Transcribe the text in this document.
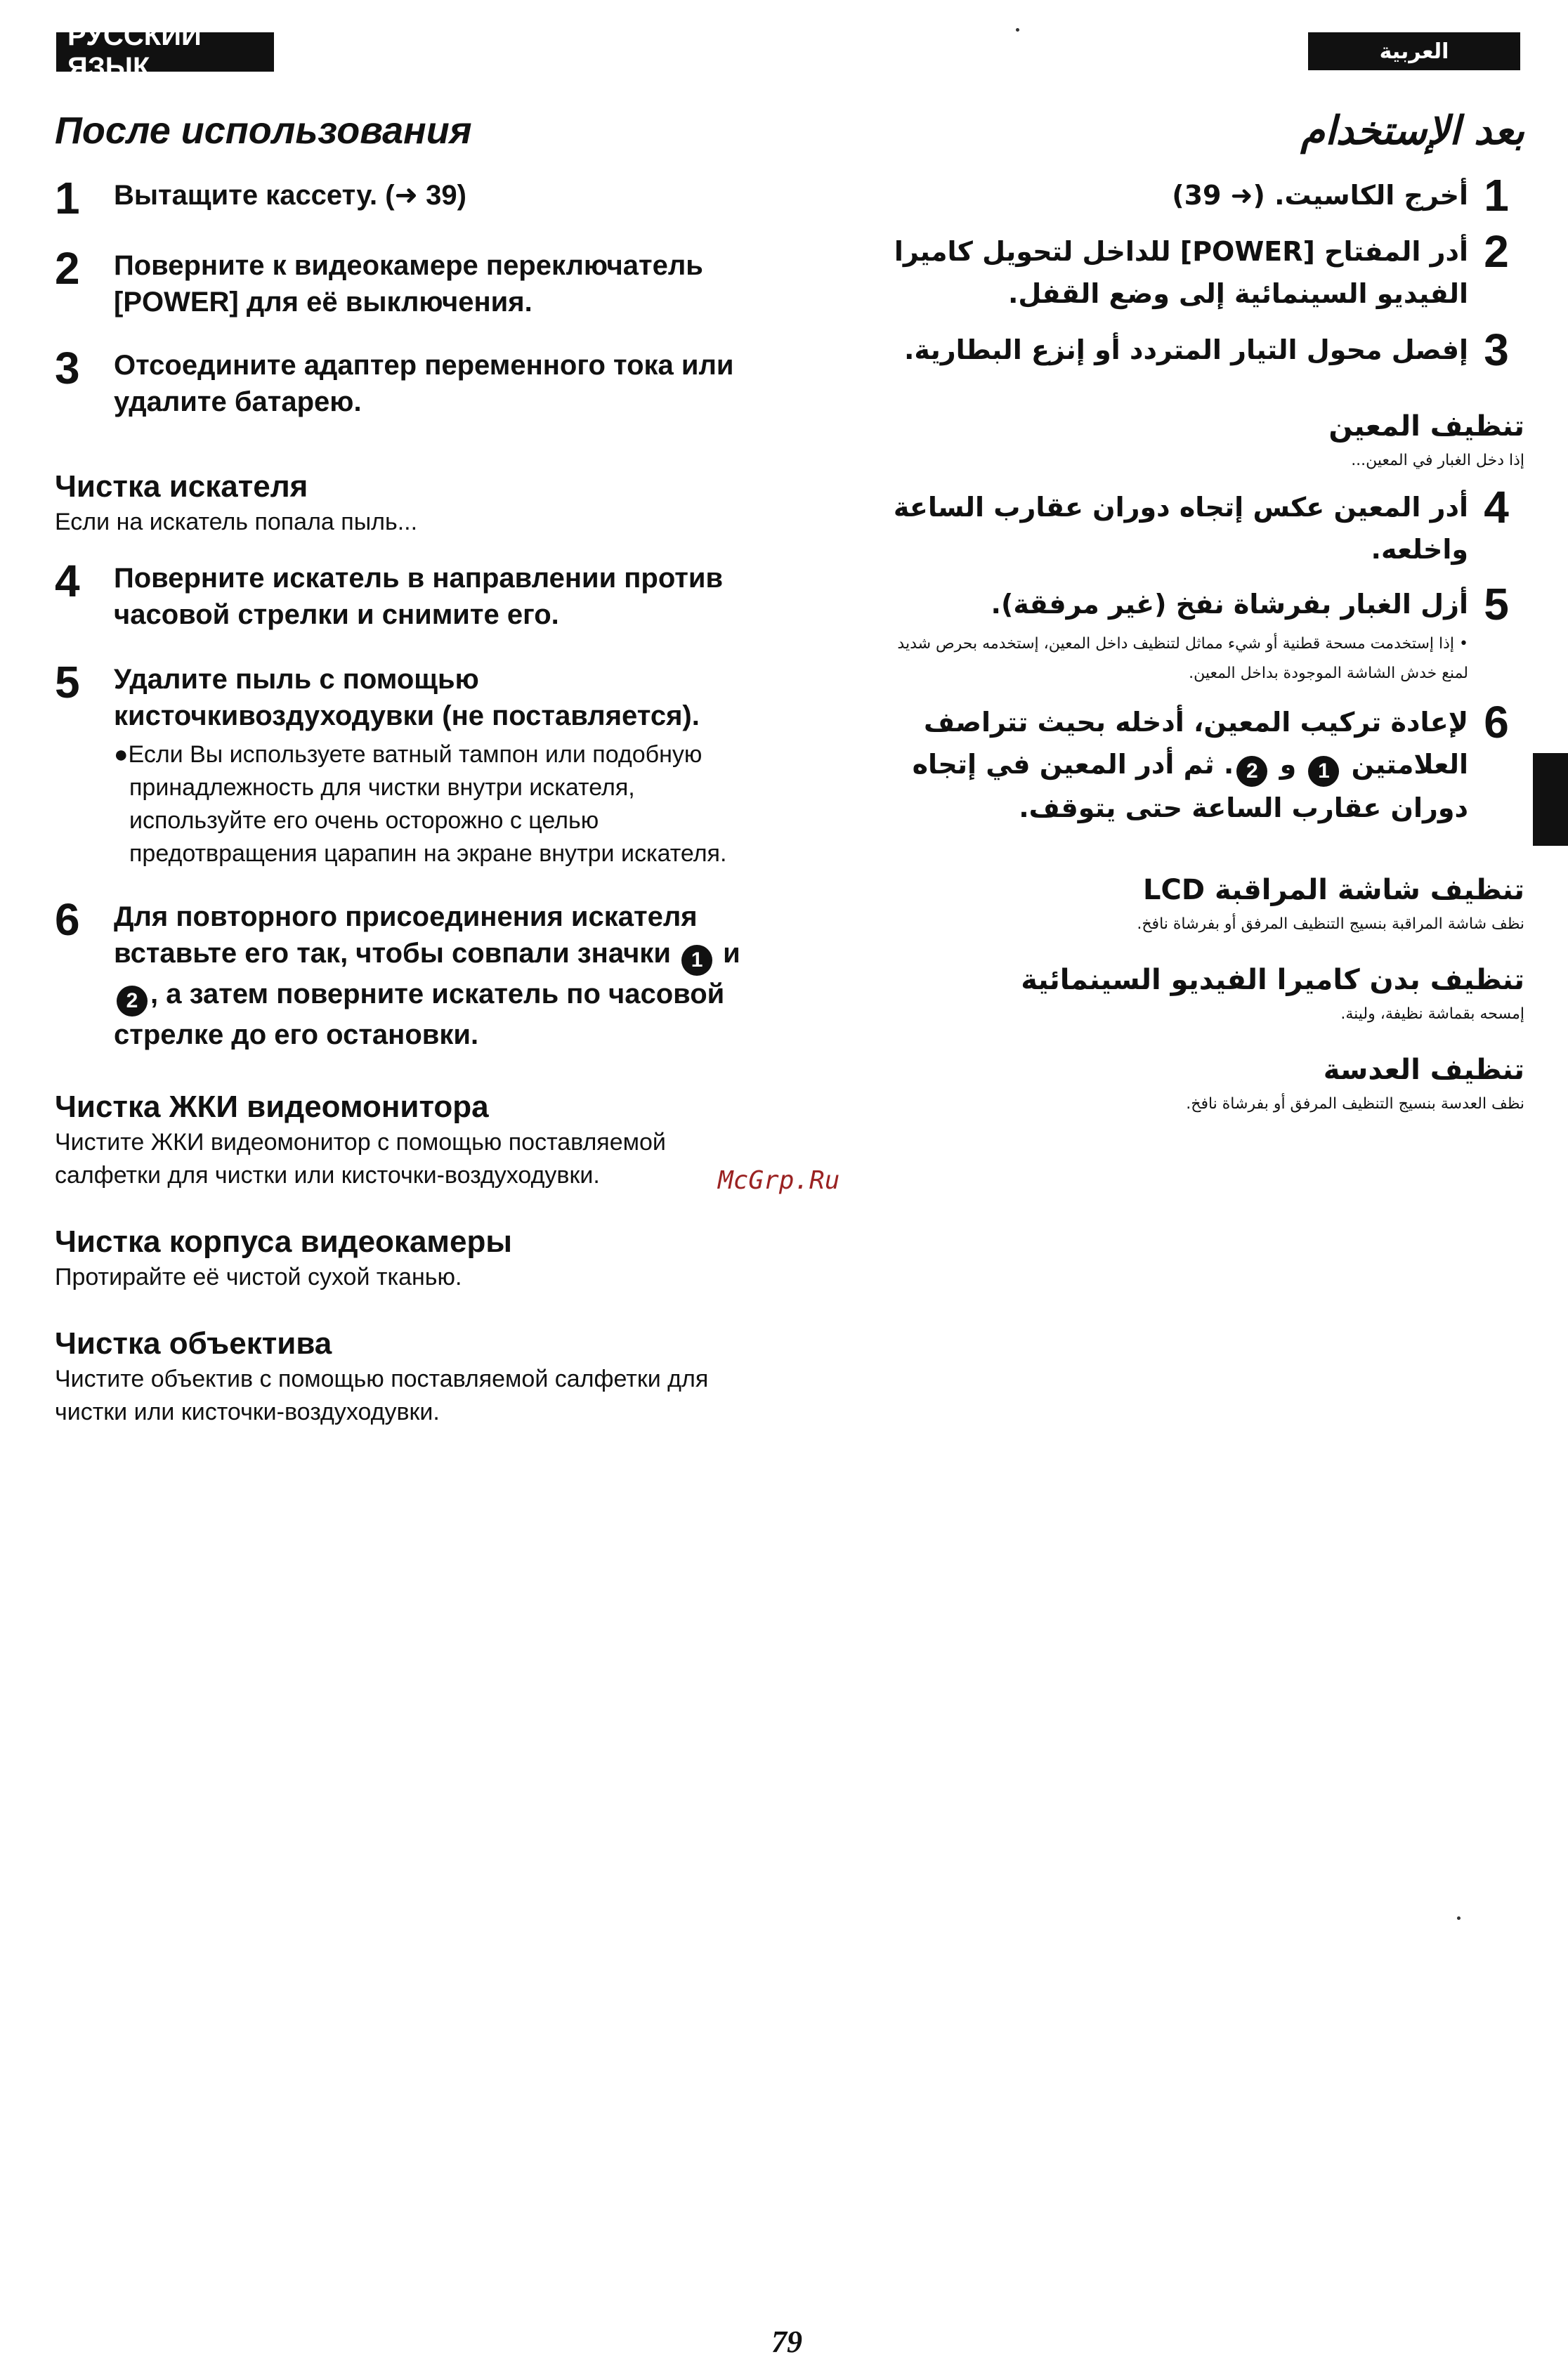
РУССКИЙ ЯЗЫК
العربية
После использования
1	Вытащите кассету. (➜ 39)
2	Поверните к видеокамере переключатель [POWER] для её выключения.
3	Отсоедините адаптер переменного тока или удалите батарею.
Чистка искателя

Если на искатель попала пыль...

4	Поверните искатель в направлении против часовой стрелки и снимите его.
5	Удалите пыль с помощью кисточкивоздуходувки (не поставляется).
●Если Вы используете ватный тампон или подобную принадлежность для чистки внутри искателя, используйте его очень осторожно с целью предотвращения царапин на экране внутри искателя.
6	Для повторного присоединения искателя вставьте его так, чтобы совпали значки 1 и 2 , а затем поверните искатель по часовой стрелке до его остановки.
Чистка ЖКИ видеомонитора

Чистите ЖКИ видеомонитор с помощью поставляемой салфетки для чистки или кисточки-воздуходувки.

Чистка корпуса видеокамеры

Протирайте её чистой сухой тканью.

Чистка объектива

Чистите объектив с помощью поставляемой салфетки для чистки или кисточки-воздуходувки.

بعد الإستخدام
1
أخرج الكاسيت. (➜ 39)
2
أدر المفتاح [POWER] للداخل لتحويل كاميرا الفيديو السينمائية إلى وضع القفل.
3
إفصل محول التيار المتردد أو إنزع البطارية.
تنظيف المعين

إذا دخل الغبار في المعين...

4
أدر المعين عكس إتجاه دوران عقارب الساعة واخلعه.
5
أزل الغبار بفرشاة نفخ (غير مرفقة).
• إذا إستخدمت مسحة قطنية أو شيء مماثل لتنظيف داخل المعين، إستخدمه بحرص شديد لمنع خدش الشاشة الموجودة بداخل المعين.
6
لإعادة تركيب المعين، أدخله بحيث تتراصف العلامتين 1 و 2. ثم أدر المعين في إتجاه دوران عقارب الساعة حتى يتوقف.
تنظيف شاشة المراقبة LCD

نظف شاشة المراقبة بنسيج التنظيف المرفق أو بفرشاة نافخ.

تنظيف بدن كاميرا الفيديو السينمائية

إمسحه بقماشة نظيفة، ولينة.

تنظيف العدسة

نظف العدسة بنسيج التنظيف المرفق أو بفرشاة نافخ.

McGrp.Ru
79
